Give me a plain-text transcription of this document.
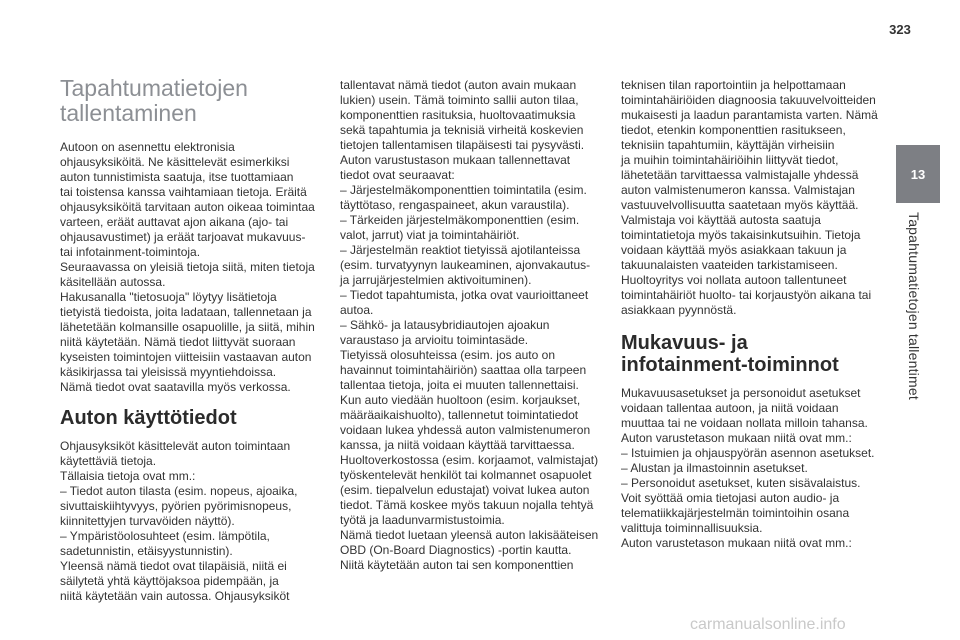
323
13
Tapahtumatietojen tallentimet
Tapahtumatietojen
tallentaminen
Autoon on asennettu elektronisia
ohjausyksiköitä. Ne käsittelevät esimerkiksi
auton tunnistimista saatuja, itse tuottamiaan
tai toistensa kanssa vaihtamiaan tietoja. Eräitä
ohjausyksiköitä tarvitaan auton oikeaa toimintaa
varteen, eräät auttavat ajon aikana (ajo- tai
ohjausavustimet) ja eräät tarjoavat mukavuus-
tai infotainment-toimintoja.
Seuraavassa on yleisiä tietoja siitä, miten tietoja
käsitellään autossa.
Hakusanalla "tietosuoja" löytyy lisätietoja
tietyistä tiedoista, joita ladataan, tallennetaan ja
lähetetään kolmansille osapuolille, ja siitä, mihin
niitä käytetään. Nämä tiedot liittyvät suoraan
kyseisten toimintojen viitteisiin vastaavan auton
käsikirjassa tai yleisissä myyntiehdoissa.
Nämä tiedot ovat saatavilla myös verkossa.
Auton käyttötiedot
Ohjausyksiköt käsittelevät auton toimintaan
käytettäviä tietoja.
Tällaisia tietoja ovat mm.:
– Tiedot auton tilasta (esim. nopeus, ajoaika,
sivuttaiskiihtyvyys, pyörien pyörimisnopeus,
kiinnitettyjen turvavöiden näyttö).
– Ympäristöolosuhteet (esim. lämpötila,
sadetunnistin, etäisyystunnistin).
Yleensä nämä tiedot ovat tilapäisiä, niitä ei
säilytetä yhtä käyttöjaksoa pidempään, ja
niitä käytetään vain autossa. Ohjausyksiköt
tallentavat nämä tiedot (auton avain mukaan
lukien) usein. Tämä toiminto sallii auton tilaa,
komponenttien rasituksia, huoltovaatimuksia
sekä tapahtumia ja teknisiä virheitä koskevien
tietojen tallentamisen tilapäisesti tai pysyvästi.
Auton varustustason mukaan tallennettavat
tiedot ovat seuraavat:
– Järjestelmäkomponenttien toimintatila (esim.
täyttötaso, rengaspaineet, akun varaustila).
– Tärkeiden järjestelmäkomponenttien (esim.
valot, jarrut) viat ja toimintahäiriöt.
– Järjestelmän reaktiot tietyissä ajotilanteissa
(esim. turvatyynyn laukeaminen, ajonvakautus-
ja jarrujärjestelmien aktivoituminen).
– Tiedot tapahtumista, jotka ovat vaurioittaneet
autoa.
– Sähkö- ja latausybridiautojen ajoakun
varaustaso ja arvioitu toimintasäde.
Tietyissä olosuhteissa (esim. jos auto on
havainnut toimintahäiriön) saattaa olla tarpeen
tallentaa tietoja, joita ei muuten tallennettaisi.
Kun auto viedään huoltoon (esim. korjaukset,
määräaikaishuolto), tallennetut toimintatiedot
voidaan lukea yhdessä auton valmistenumeron
kanssa, ja niitä voidaan käyttää tarvittaessa.
Huoltoverkostossa (esim. korjaamot, valmistajat)
työskentelevät henkilöt tai kolmannet osapuolet
(esim. tiepalvelun edustajat) voivat lukea auton
tiedot. Tämä koskee myös takuun nojalla tehtyä
työtä ja laadunvarmistustoimia.
Nämä tiedot luetaan yleensä auton lakisääteisen
OBD (On-Board Diagnostics) -portin kautta.
Niitä käytetään auton tai sen komponenttien
teknisen tilan raportointiin ja helpottamaan
toimintahäiriöiden diagnoosia takuuvelvoitteiden
mukaisesti ja laadun parantamista varten. Nämä
tiedot, etenkin komponenttien rasitukseen,
teknisiin tapahtumiin, käyttäjän virheisiin
ja muihin toimintahäiriöihin liittyvät tiedot,
lähetetään tarvittaessa valmistajalle yhdessä
auton valmistenumeron kanssa. Valmistajan
vastuuvelvollisuutta saatetaan myös käyttää.
Valmistaja voi käyttää autosta saatuja
toimintatietoja myös takaisinkutsuihin. Tietoja
voidaan käyttää myös asiakkaan takuun ja
takuunalaisten vaateiden tarkistamiseen.
Huoltoyritys voi nollata autoon tallentuneet
toimintahäiriöt huolto- tai korjaustyön aikana tai
asiakkaan pyynnöstä.
Mukavuus- ja
infotainment-toiminnot
Mukavuusasetukset ja personoidut asetukset
voidaan tallentaa autoon, ja niitä voidaan
muuttaa tai ne voidaan nollata milloin tahansa.
Auton varustetason mukaan niitä ovat mm.:
– Istuimien ja ohjauspyörän asennon asetukset.
– Alustan ja ilmastoinnin asetukset.
– Personoidut asetukset, kuten sisävalaistus.
Voit syöttää omia tietojasi auton audio- ja
telematiikkajärjestelmän toimintoihin osana
valittuja toiminnallisuuksia.
Auton varustetason mukaan niitä ovat mm.:
carmanualsonline.info
